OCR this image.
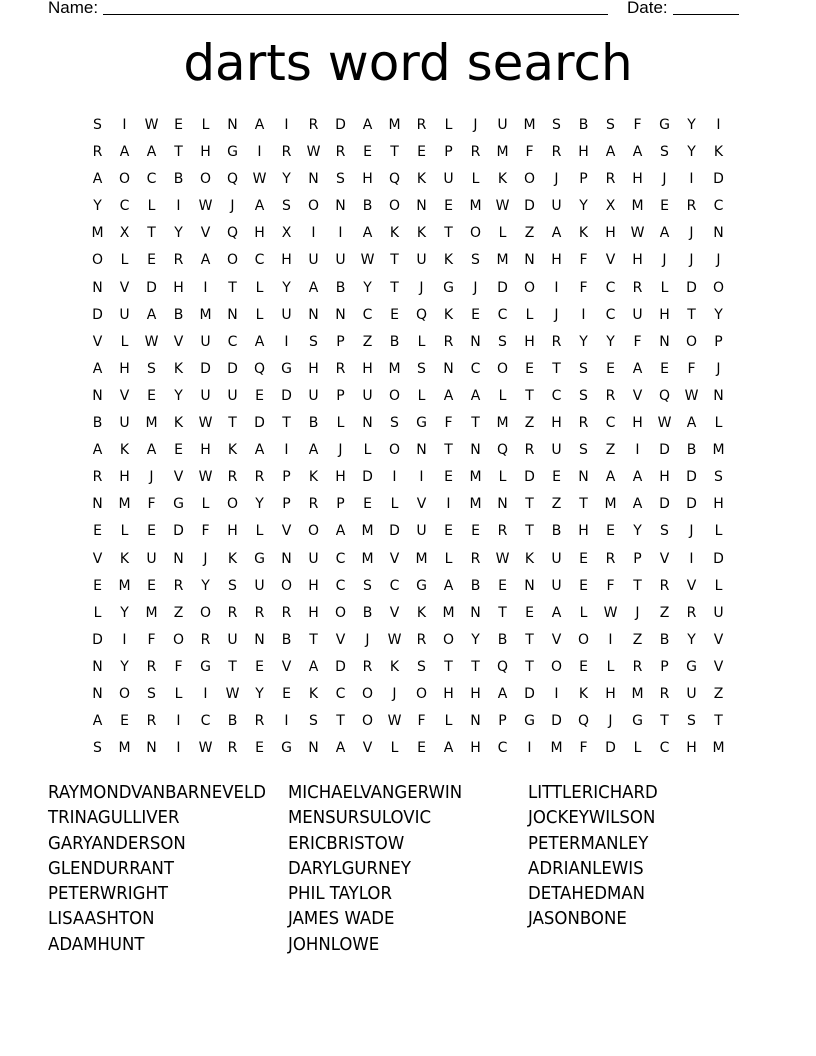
Name:	Date:
darts word search
S	I	W	E	L	N	A	I	R	D	A	M	R	L	J	U	M	S	B	S	F	G	Y	I
R	A	A	T	H	G	I	R	W	R	E	T	E	P	R	M	F	R	H	A	A	S	Y	K
A	O	C	B	O	Q	W	Y	N	S	H	Q	K	U	L	K	O	J	P	R	H	J	I	D
Y	C	L	I	W	J	A	S	O	N	B	O	N	E	M	W	D	U	Y	X	M	E	R	C
M	X	T	Y	V	Q	H	X	I	I	A	K	K	T	O	L	Z	A	K	H	W	A	J	N
O	L	E	R	A	O	C	H	U	U	W	T	U	K	S	M	N	H	F	V	H	J	J	J
N	V	D	H	I	T	L	Y	A	B	Y	T	J	G	J	D	O	I	F	C	R	L	D	O
D	U	A	B	M	N	L	U	N	N	C	E	Q	K	E	C	L	J	I	C	U	H	T	Y
V	L	W	V	U	C	A	I	S	P	Z	B	L	R	N	S	H	R	Y	Y	F	N	O	P
A	H	S	K	D	D	Q	G	H	R	H	M	S	N	C	O	E	T	S	E	A	E	F	J
N	V	E	Y	U	U	E	D	U	P	U	O	L	A	A	L	T	C	S	R	V	Q	W	N
B	U	M	K	W	T	D	T	B	L	N	S	G	F	T	M	Z	H	R	C	H	W	A	L
A	K	A	E	H	K	A	I	A	J	L	O	N	T	N	Q	R	U	S	Z	I	D	B	M
R	H	J	V	W	R	R	P	K	H	D	I	I	E	M	L	D	E	N	A	A	H	D	S
N	M	F	G	L	O	Y	P	R	P	E	L	V	I	M	N	T	Z	T	M	A	D	D	H
E	L	E	D	F	H	L	V	O	A	M	D	U	E	E	R	T	B	H	E	Y	S	J	L
V	K	U	N	J	K	G	N	U	C	M	V	M	L	R	W	K	U	E	R	P	V	I	D
E	M	E	R	Y	S	U	O	H	C	S	C	G	A	B	E	N	U	E	F	T	R	V	L
L	Y	M	Z	O	R	R	R	H	O	B	V	K	M	N	T	E	A	L	W	J	Z	R	U
D	I	F	O	R	U	N	B	T	V	J	W	R	O	Y	B	T	V	O	I	Z	B	Y	V
N	Y	R	F	G	T	E	V	A	D	R	K	S	T	T	Q	T	O	E	L	R	P	G	V
N	O	S	L	I	W	Y	E	K	C	O	J	O	H	H	A	D	I	K	H	M	R	U	Z
A	E	R	I	C	B	R	I	S	T	O	W	F	L	N	P	G	D	Q	J	G	T	S	T
S	M	N	I	W	R	E	G	N	A	V	L	E	A	H	C	I	M	F	D	L	C	H	M
RAYMONDVANBARNEVELD
TRINAGULLIVER
GARYANDERSON
GLENDURRANT
PETERWRIGHT
LISAASHTON
ADAMHUNT
MICHAELVANGERWIN
MENSURSULOVIC
ERICBRISTOW
DARYLGURNEY
PHIL TAYLOR
JAMES WADE
JOHNLOWE
LITTLERICHARD
JOCKEYWILSON
PETERMANLEY
ADRIANLEWIS
DETAHEDMAN
JASONBONE
